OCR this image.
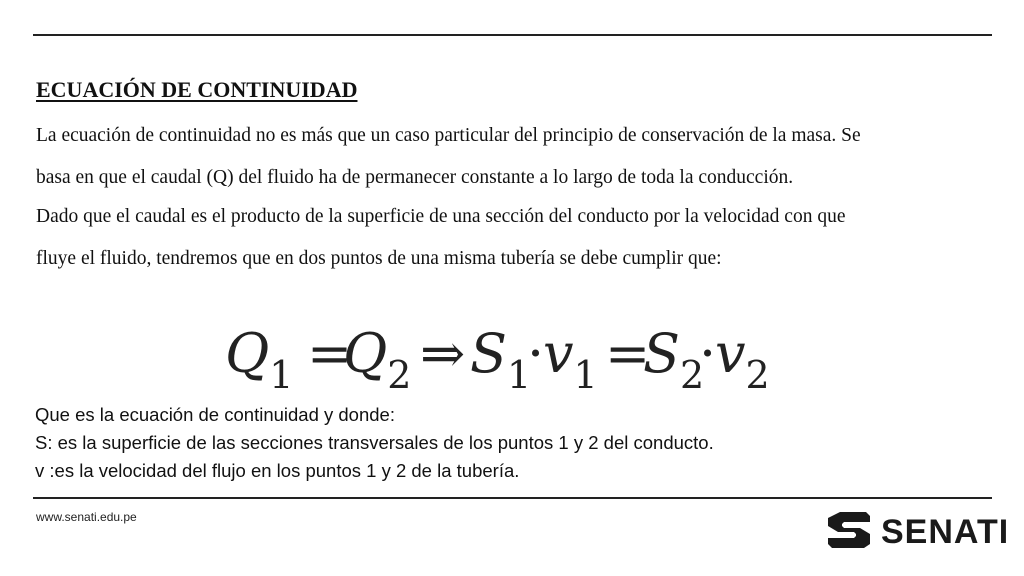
ECUACIÓN DE CONTINUIDAD

La ecuación de continuidad no es más que un caso particular del principio de conservación de la masa. Se
basa en que el caudal (Q) del fluido ha de permanecer constante a lo largo de toda la conducción.

Dado que el caudal es el producto de la superficie de una sección del conducto por la velocidad con que
fluye el fluido, tendremos que en dos puntos de una misma tubería se debe cumplir que:

$Q_1$ =
$Q_2$ ⇒ $S_1$
·
$v_1$ =
$S_2$
·
$v_2$
Que es la ecuación de continuidad y donde:
S: es la superficie de las secciones transversales de los puntos 1 y 2 del conducto.
v :es la velocidad del flujo en los puntos 1 y 2 de la tubería.
www.senati.edu.pe	SENATI
